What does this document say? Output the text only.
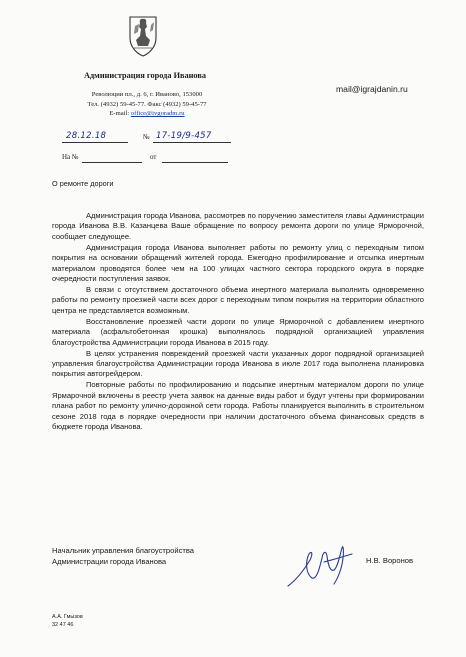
Администрация города Иванова
Революции пл., д. 6, г. Иваново, 153000
Тел. (4932) 59-45-77. Факс (4932) 59-45-77
E-mail: office@ivgoradm.ru
mail@igrajdanin.ru
28.12.18	№ 17-19/9-457
На №	от
О ремонте дороги

Администрация города Иванова, рассмотрев по поручению заместителя главы Администрации города Иванова В.В. Казанцева Ваше обращение по вопросу ремонта дороги по улице Ярморочной, сообщает следующее.

Администрация города Иванова выполняет работы по ремонту улиц с переходным типом покрытия на основании обращений жителей города. Ежегодно профилирование и отсыпка инертным материалом проводятся более чем на 100 улицах частного сектора городского округа в порядке очередности поступления заявок.

В связи с отсутствием достаточного объема инертного материала выполнить одновременно работы по ремонту проезжей части всех дорог с переходным типом покрытия на территории областного центра не представляется возможным.

Восстановление проезжей части дороги по улице Ярморочной с добавлением инертного материала (асфальтобетонная крошка) выполнялось подрядной организацией управления благоустройства Администрации города Иванова в 2015 году.

В целях устранения повреждений проезжей части указанных дорог подрядной организацией управления благоустройства Администрации города Иванова в июле 2017 года выполнена планировка покрытия автогрейдером.

Повторные работы по профилированию и подсыпке инертным материалом дороги по улице Ярмарочной включены в реестр учета заявок на данные виды работ и будут учтены при формировании плана работ по ремонту улично-дорожной сети города. Работы планируется выполнить в строительном сезоне 2018 года в порядке очередности при наличии достаточного объема финансовых средств в бюджете города Иванова.

Начальник управления благоустройства
Администрации города Иванова	Н.В. Воронов
А.А. Гмызов
32 47 46
